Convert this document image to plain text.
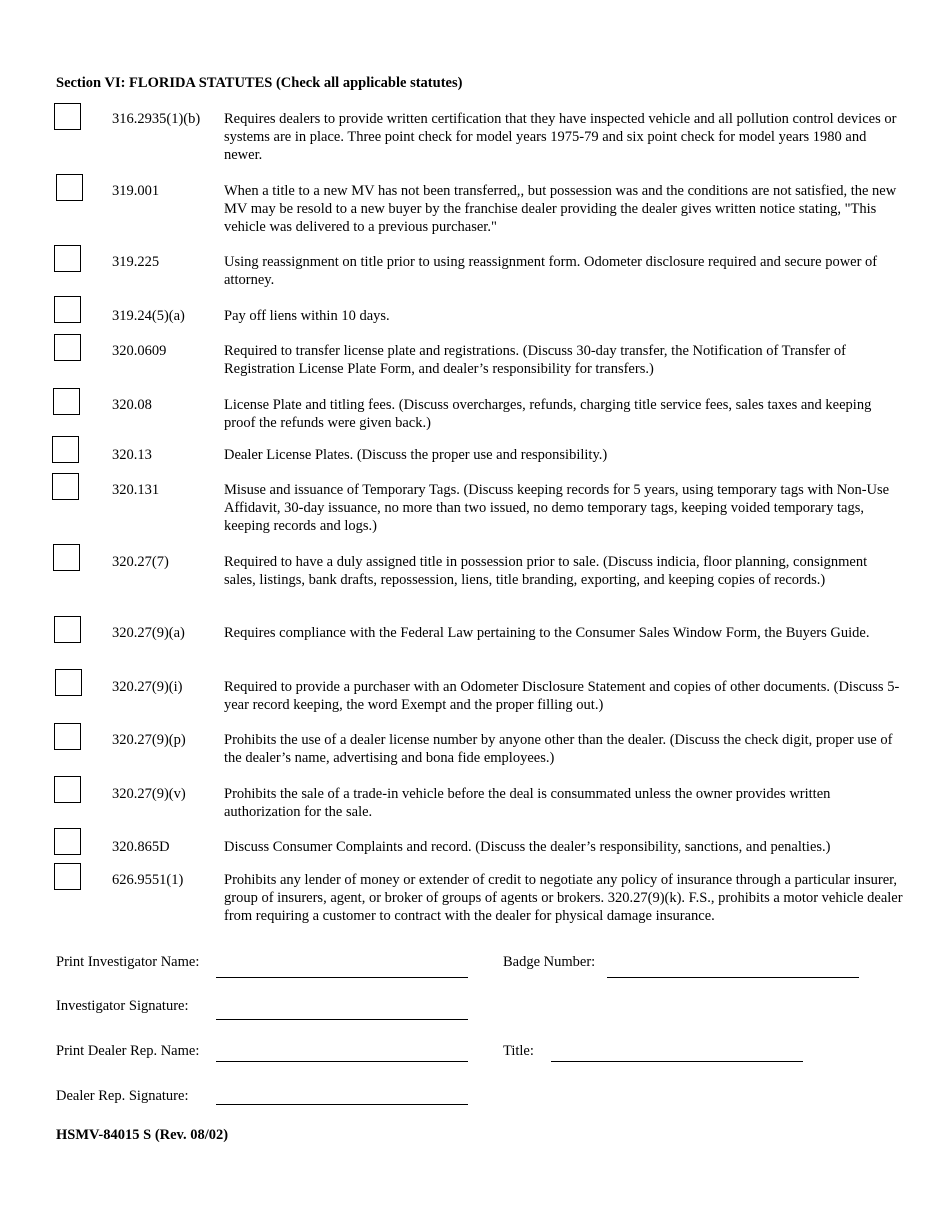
Section VI: FLORIDA STATUTES (Check all applicable statutes)
316.2935(1)(b) Requires dealers to provide written certification that they have inspected vehicle and all pollution control devices or systems are in place. Three point check for model years 1975-79 and six point check for model years 1980 and newer.
319.001	When a title to a new MV has not been transferred,, but possession was and the conditions are not satisfied, the new MV may be resold to a new buyer by the franchise dealer providing the dealer gives written notice stating, "This vehicle was delivered to a previous purchaser."
319.225	Using reassignment on title prior to using reassignment form. Odometer disclosure required and secure power of attorney.
319.24(5)(a)	Pay off liens within 10 days.
320.0609	Required to transfer license plate and registrations. (Discuss 30-day transfer, the Notification of Transfer of Registration License Plate Form, and dealer’s responsibility for transfers.)
320.08	License Plate and titling fees. (Discuss overcharges, refunds, charging title service fees, sales taxes and keeping proof the refunds were given back.)
320.13	Dealer License Plates. (Discuss the proper use and responsibility.)
320.131	Misuse and issuance of Temporary Tags. (Discuss keeping records for 5 years, using temporary tags with Non-Use Affidavit, 30-day issuance, no more than two issued, no demo temporary tags, keeping voided temporary tags, keeping records and logs.)
320.27(7)	Required to have a duly assigned title in possession prior to sale. (Discuss indicia, floor planning, consignment sales, listings, bank drafts, repossession, liens, title branding, exporting, and keeping copies of records.)
320.27(9)(a)	Requires compliance with the Federal Law pertaining to the Consumer Sales Window Form, the Buyers Guide.
320.27(9)(i)	Required to provide a purchaser with an Odometer Disclosure Statement and copies of other documents. (Discuss 5-year record keeping, the word Exempt and the proper filling out.)
320.27(9)(p)	Prohibits the use of a dealer license number by anyone other than the dealer. (Discuss the check digit, proper use of the dealer’s name, advertising and bona fide employees.)
320.27(9)(v)	Prohibits the sale of a trade-in vehicle before the deal is consummated unless the owner provides written authorization for the sale.
320.865D	Discuss Consumer Complaints and record. (Discuss the dealer’s responsibility, sanctions, and penalties.)
626.9551(1)	Prohibits any lender of money or extender of credit to negotiate any policy of insurance through a particular insurer, group of insurers, agent, or broker of groups of agents or brokers. 320.27(9)(k). F.S., prohibits a motor vehicle dealer from requiring a customer to contract with the dealer for physical damage insurance.
Print Investigator Name:	Badge Number:
Investigator Signature:
Print Dealer Rep. Name:	Title:
Dealer Rep. Signature:
HSMV-84015 S (Rev. 08/02)
